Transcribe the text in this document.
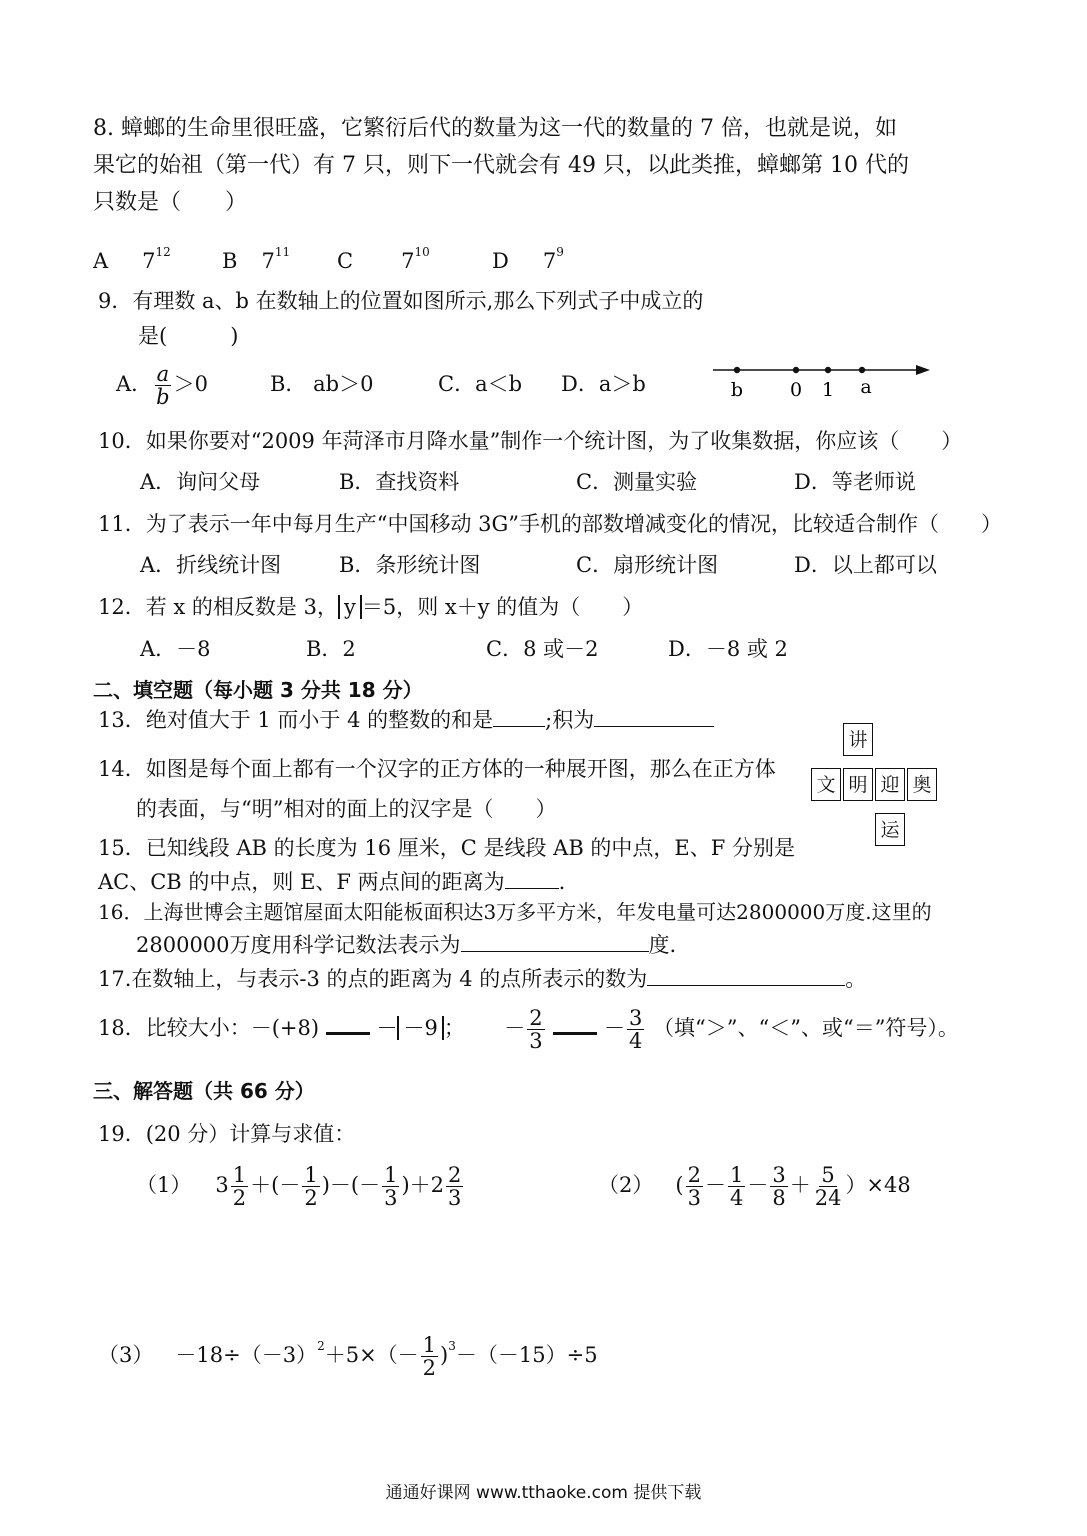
8. 蟑螂的生命里很旺盛，它繁衍后代的数量为这一代的数量的 7 倍，也就是说，如
果它的始祖（第一代）有 7 只，则下一代就会有 49 只，以此类推，蟑螂第 10 代的
只数是（　　）
A $7^{12}$ B $7^{11}$ C $7^{10}$	D $7^9$
9．有理数 a、b 在数轴上的位置如图所示,那么下列式子中成立的
是(　　　)
A． $\frac{a}{b} >0$	B． ab＞0	C．a＜b D．a＞b	b 0 1 a
10．如果你要对“2009 年菏泽市月降水量”制作一个统计图，为了收集数据，你应该（　　）
A．询问父母	B．查找资料	C．测量实验	D．等老师说
11．为了表示一年中每月生产“中国移动 3G”手机的部数增减变化的情况，比较适合制作（　　）
A．折线统计图	B．条形统计图	C．扇形统计图	D．以上都可以
12．若 x 的相反数是 3， y ＝5，则 x＋y 的值为（　　）
A．－8	B．2	C．8 或－2	D．－8 或 2
二、填空题（每小题 3 分共 18 分）
13．绝对值大于 1 而小于 4 的整数的和是 ;积为
讲
文 明 迎 奥
运
14．如图是每个面上都有一个汉字的正方体的一种展开图，那么在正方体
的表面，与“明”相对的面上的汉字是（　　）
15．已知线段 AB 的长度为 16 厘米，C 是线段 AB 的中点，E、F 分别是
AC、CB 的中点，则 E、F 两点间的距离为	.
16．上海世博会主题馆屋面太阳能板面积达3万多平方米，年发电量可达2800000万度.这里的
2800000万度用科学记数法表示为	度.
17.在数轴上，与表示-3 的点的距离为 4 的点所表示的数为	。
18．比较大小：－(+8)	－ －9 ； － $\frac{2}{3}$	－ $\frac{3}{4}$ （填“＞”、“＜”、或“＝”符号）。
三、解答题（共 66 分）
19．(20 分）计算与求值：
（1） $3 \frac{1}{2}$ ＋(－ $\frac{1}{2}$ )－(－ $\frac{1}{3} )+2 \frac{2}{3}$	（2） ( $\frac{2}{3} - \frac{1}{4} - \frac{3}{8} + \frac{5}{24} )\times 48$
$(3) -18\div(-3)^2+5\times(- \frac{1}{2} )^3-(-15)\div 5$
通通好课网 www.tthaoke.com 提供下载
